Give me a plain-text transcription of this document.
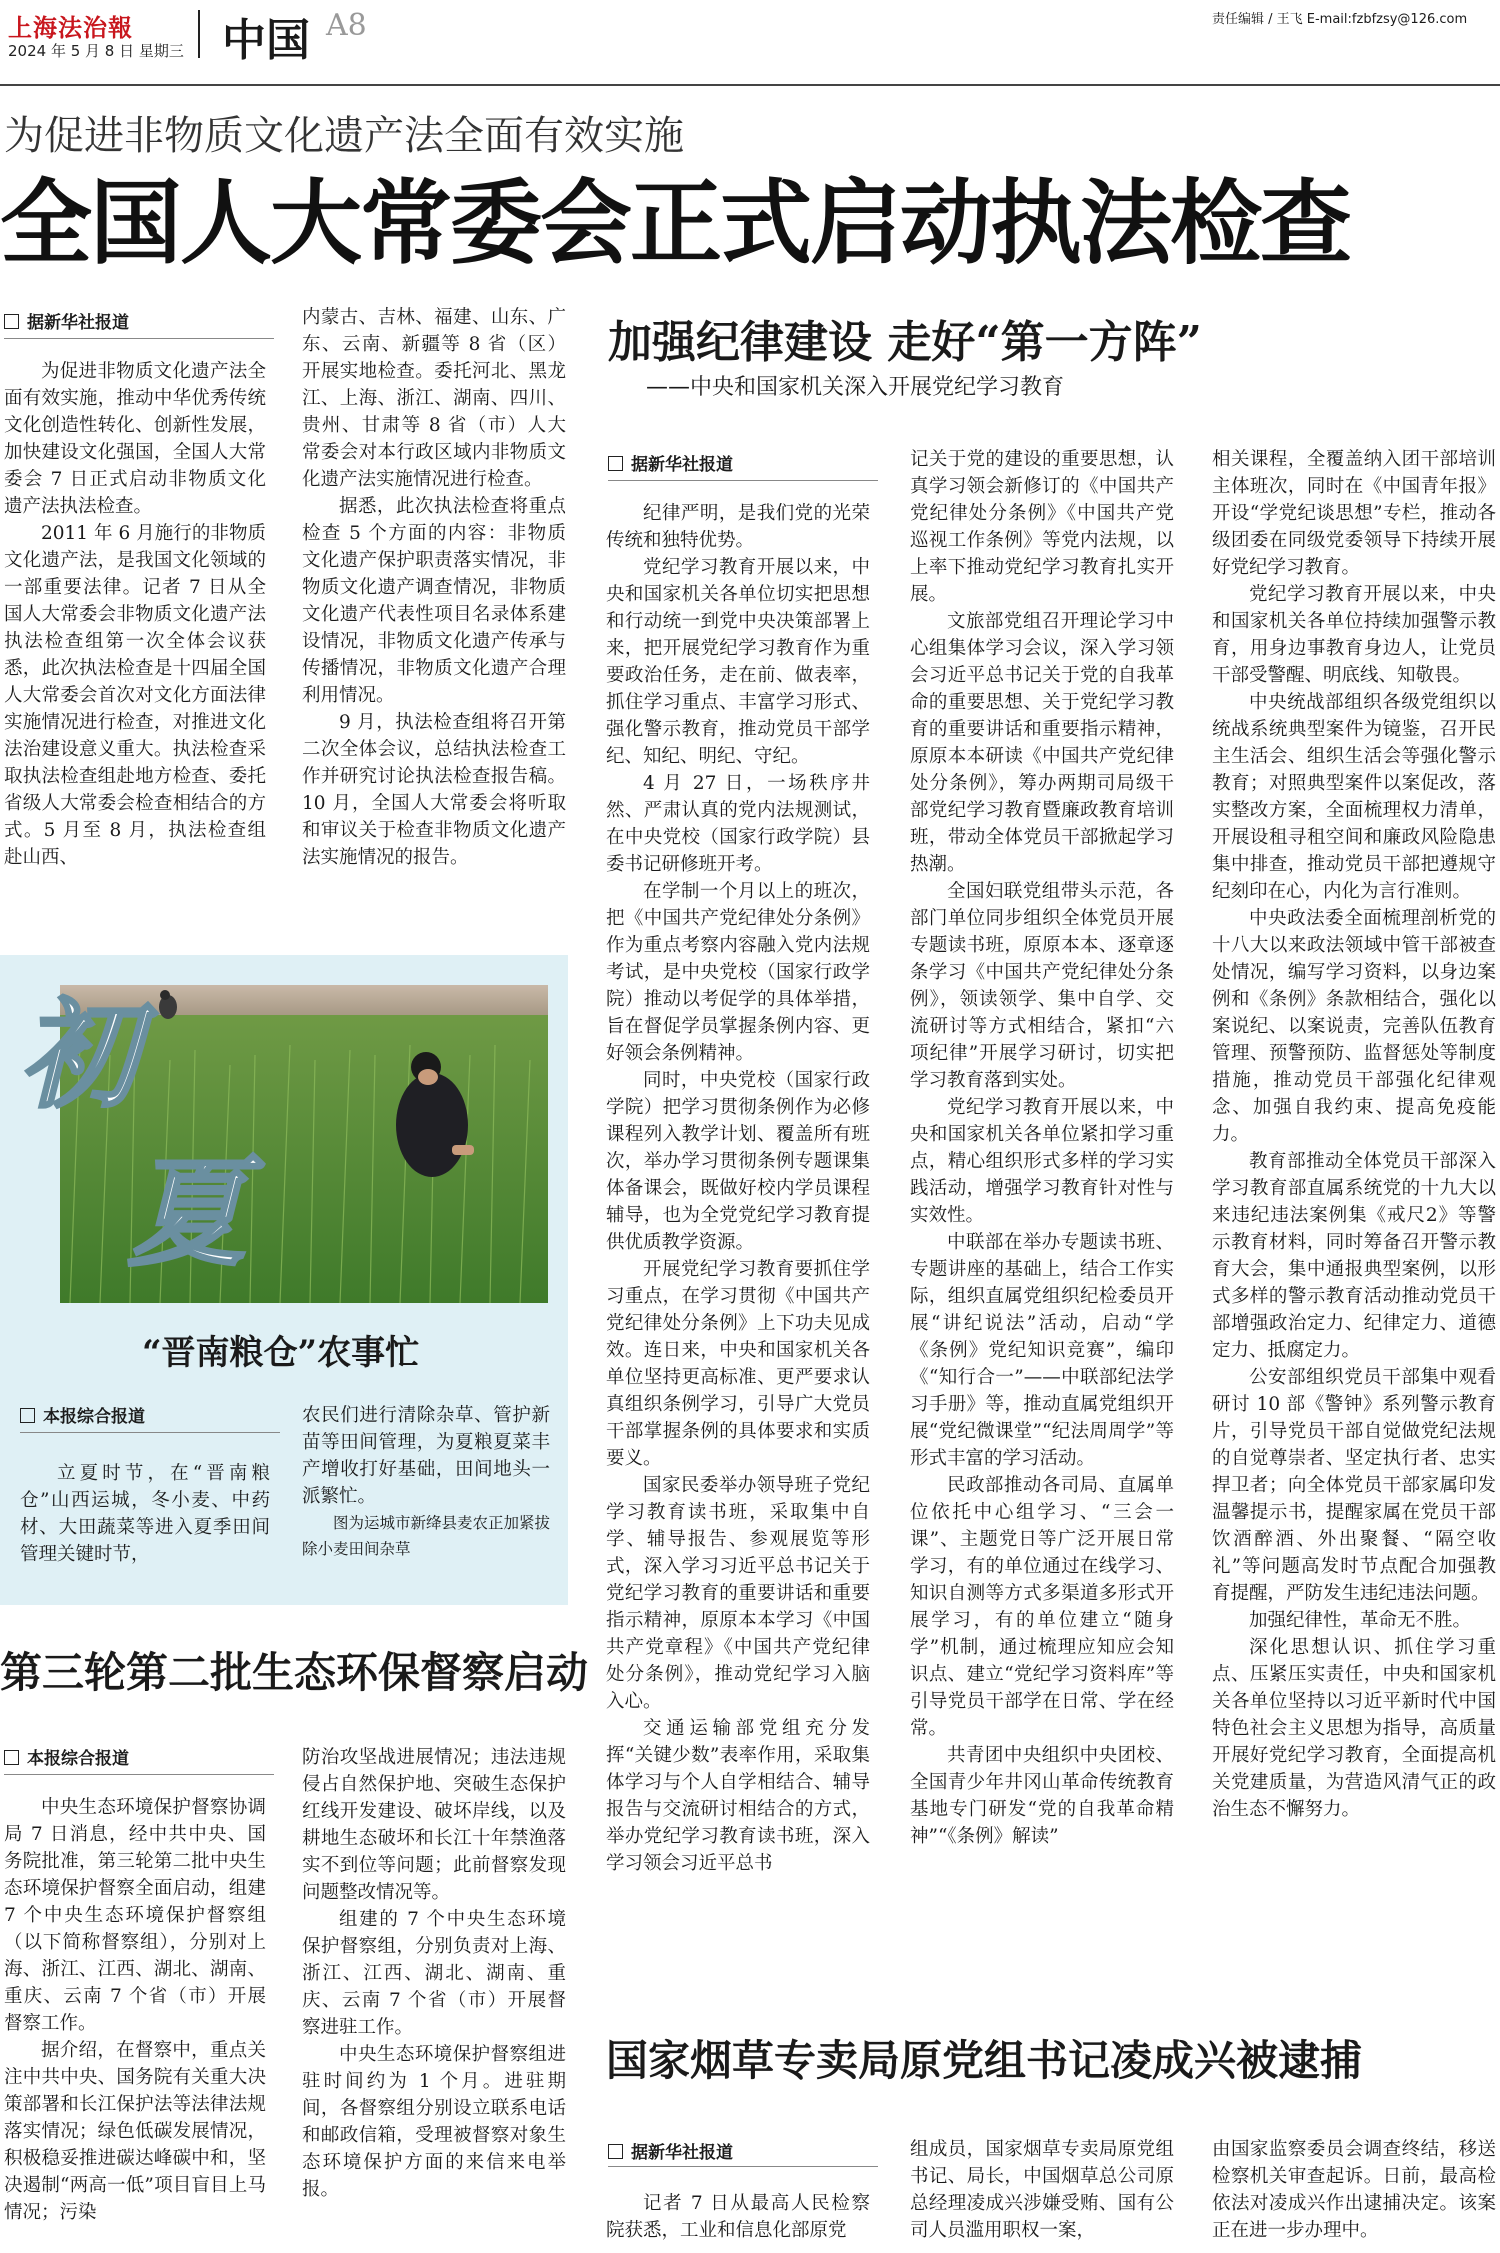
上海法治報
2024 年 5 月 8 日 星期三 中国 A8	责任编辑 / 王飞 E-mail:fzbfzsy@126.com
为促进非物质文化遗产法全面有效实施
全国人大常委会正式启动执法检查
据新华社报道

为促进非物质文化遗产法全面有效实施，推动中华优秀传统文化创造性转化、创新性发展，加快建设文化强国，全国人大常委会 7 日正式启动非物质文化遗产法执法检查。

2011 年 6 月施行的非物质文化遗产法，是我国文化领域的一部重要法律。记者 7 日从全国人大常委会非物质文化遗产法执法检查组第一次全体会议获悉，此次执法检查是十四届全国人大常委会首次对文化方面法律实施情况进行检查，对推进文化法治建设意义重大。执法检查采取执法检查组赴地方检查、委托省级人大常委会检查相结合的方式。5 月至 8 月，执法检查组赴山西、

内蒙古、吉林、福建、山东、广东、云南、新疆等 8 省（区）开展实地检查。委托河北、黑龙江、上海、浙江、湖南、四川、贵州、甘肃等 8 省（市）人大常委会对本行政区域内非物质文化遗产法实施情况进行检查。

据悉，此次执法检查将重点检查 5 个方面的内容：非物质文化遗产保护职责落实情况，非物质文化遗产调查情况，非物质文化遗产代表性项目名录体系建设情况，非物质文化遗产传承与传播情况，非物质文化遗产合理利用情况。

9 月，执法检查组将召开第二次全体会议，总结执法检查工作并研究讨论执法检查报告稿。10 月，全国人大常委会将听取和审议关于检查非物质文化遗产法实施情况的报告。

初
夏
“晋南粮仓”农事忙
本报综合报道

立夏时节，在“晋南粮仓”山西运城，冬小麦、中药材、大田蔬菜等进入夏季田间管理关键时节，

农民们进行清除杂草、管护新苗等田间管理，为夏粮夏菜丰产增收打好基础，田间地头一派繁忙。

图为运城市新绛县麦农正加紧拔除小麦田间杂草

第三轮第二批生态环保督察启动
本报综合报道

中央生态环境保护督察协调局 7 日消息，经中共中央、国务院批准，第三轮第二批中央生态环境保护督察全面启动，组建 7 个中央生态环境保护督察组（以下简称督察组），分别对上海、浙江、江西、湖北、湖南、重庆、云南 7 个省（市）开展督察工作。

据介绍，在督察中，重点关注中共中央、国务院有关重大决策部署和长江保护法等法律法规落实情况；绿色低碳发展情况，积极稳妥推进碳达峰碳中和，坚决遏制“两高一低”项目盲目上马情况；污染

防治攻坚战进展情况；违法违规侵占自然保护地、突破生态保护红线开发建设、破坏岸线，以及耕地生态破坏和长江十年禁渔落实不到位等问题；此前督察发现问题整改情况等。

组建的 7 个中央生态环境保护督察组，分别负责对上海、浙江、江西、湖北、湖南、重庆、云南 7 个省（市）开展督察进驻工作。

中央生态环境保护督察组进驻时间约为 1 个月。进驻期间，各督察组分别设立联系电话和邮政信箱，受理被督察对象生态环境保护方面的来信来电举报。

加强纪律建设 走好“第一方阵”
——中央和国家机关深入开展党纪学习教育
据新华社报道

纪律严明，是我们党的光荣传统和独特优势。

党纪学习教育开展以来，中央和国家机关各单位切实把思想和行动统一到党中央决策部署上来，把开展党纪学习教育作为重要政治任务，走在前、做表率，抓住学习重点、丰富学习形式、强化警示教育，推动党员干部学纪、知纪、明纪、守纪。

4 月 27 日，一场秩序井然、严肃认真的党内法规测试，在中央党校（国家行政学院）县委书记研修班开考。

在学制一个月以上的班次，把《中国共产党纪律处分条例》作为重点考察内容融入党内法规考试，是中央党校（国家行政学院）推动以考促学的具体举措，旨在督促学员掌握条例内容、更好领会条例精神。

同时，中央党校（国家行政学院）把学习贯彻条例作为必修课程列入教学计划、覆盖所有班次，举办学习贯彻条例专题课集体备课会，既做好校内学员课程辅导，也为全党党纪学习教育提供优质教学资源。

开展党纪学习教育要抓住学习重点，在学习贯彻《中国共产党纪律处分条例》上下功夫见成效。连日来，中央和国家机关各单位坚持更高标准、更严要求认真组织条例学习，引导广大党员干部掌握条例的具体要求和实质要义。

国家民委举办领导班子党纪学习教育读书班，采取集中自学、辅导报告、参观展览等形式，深入学习习近平总书记关于党纪学习教育的重要讲话和重要指示精神，原原本本学习《中国共产党章程》《中国共产党纪律处分条例》，推动党纪学习入脑入心。

交通运输部党组充分发挥“关键少数”表率作用，采取集体学习与个人自学相结合、辅导报告与交流研讨相结合的方式，举办党纪学习教育读书班，深入学习领会习近平总书

记关于党的建设的重要思想，认真学习领会新修订的《中国共产党纪律处分条例》《中国共产党巡视工作条例》等党内法规，以上率下推动党纪学习教育扎实开展。

文旅部党组召开理论学习中心组集体学习会议，深入学习领会习近平总书记关于党的自我革命的重要思想、关于党纪学习教育的重要讲话和重要指示精神，原原本本研读《中国共产党纪律处分条例》，筹办两期司局级干部党纪学习教育暨廉政教育培训班，带动全体党员干部掀起学习热潮。

全国妇联党组带头示范，各部门单位同步组织全体党员开展专题读书班，原原本本、逐章逐条学习《中国共产党纪律处分条例》，领读领学、集中自学、交流研讨等方式相结合，紧扣“六项纪律”开展学习研讨，切实把学习教育落到实处。

党纪学习教育开展以来，中央和国家机关各单位紧扣学习重点，精心组织形式多样的学习实践活动，增强学习教育针对性与实效性。

中联部在举办专题读书班、专题讲座的基础上，结合工作实际，组织直属党组织纪检委员开展“讲纪说法”活动，启动“学《条例》党纪知识竞赛”，编印《“知行合一”——中联部纪法学习手册》等，推动直属党组织开展“党纪微课堂”“纪法周周学”等形式丰富的学习活动。

民政部推动各司局、直属单位依托中心组学习、“三会一课”、主题党日等广泛开展日常学习，有的单位通过在线学习、知识自测等方式多渠道多形式开展学习，有的单位建立“随身学”机制，通过梳理应知应会知识点、建立“党纪学习资料库”等引导党员干部学在日常、学在经常。

共青团中央组织中央团校、全国青少年井冈山革命传统教育基地专门研发“党的自我革命精神”“《条例》解读”

相关课程，全覆盖纳入团干部培训主体班次，同时在《中国青年报》开设“学党纪谈思想”专栏，推动各级团委在同级党委领导下持续开展好党纪学习教育。

党纪学习教育开展以来，中央和国家机关各单位持续加强警示教育，用身边事教育身边人，让党员干部受警醒、明底线、知敬畏。

中央统战部组织各级党组织以统战系统典型案件为镜鉴，召开民主生活会、组织生活会等强化警示教育；对照典型案件以案促改，落实整改方案，全面梳理权力清单，开展设租寻租空间和廉政风险隐患集中排查，推动党员干部把遵规守纪刻印在心，内化为言行准则。

中央政法委全面梳理剖析党的十八大以来政法领域中管干部被查处情况，编写学习资料，以身边案例和《条例》条款相结合，强化以案说纪、以案说责，完善队伍教育管理、预警预防、监督惩处等制度措施，推动党员干部强化纪律观念、加强自我约束、提高免疫能力。

教育部推动全体党员干部深入学习教育部直属系统党的十九大以来违纪违法案例集《戒尺2》等警示教育材料，同时筹备召开警示教育大会，集中通报典型案例，以形式多样的警示教育活动推动党员干部增强政治定力、纪律定力、道德定力、抵腐定力。

公安部组织党员干部集中观看研讨 10 部《警钟》系列警示教育片，引导党员干部自觉做党纪法规的自觉尊崇者、坚定执行者、忠实捍卫者；向全体党员干部家属印发温馨提示书，提醒家属在党员干部饮酒醉酒、外出聚餐、“隔空收礼”等问题高发时节点配合加强教育提醒，严防发生违纪违法问题。

加强纪律性，革命无不胜。

深化思想认识、抓住学习重点、压紧压实责任，中央和国家机关各单位坚持以习近平新时代中国特色社会主义思想为指导，高质量开展好党纪学习教育，全面提高机关党建质量，为营造风清气正的政治生态不懈努力。

国家烟草专卖局原党组书记凌成兴被逮捕
据新华社报道

记者 7 日从最高人民检察院获悉，工业和信息化部原党

组成员，国家烟草专卖局原党组书记、局长，中国烟草总公司原总经理凌成兴涉嫌受贿、国有公司人员滥用职权一案，

由国家监察委员会调查终结，移送检察机关审查起诉。日前，最高检依法对凌成兴作出逮捕决定。该案正在进一步办理中。
